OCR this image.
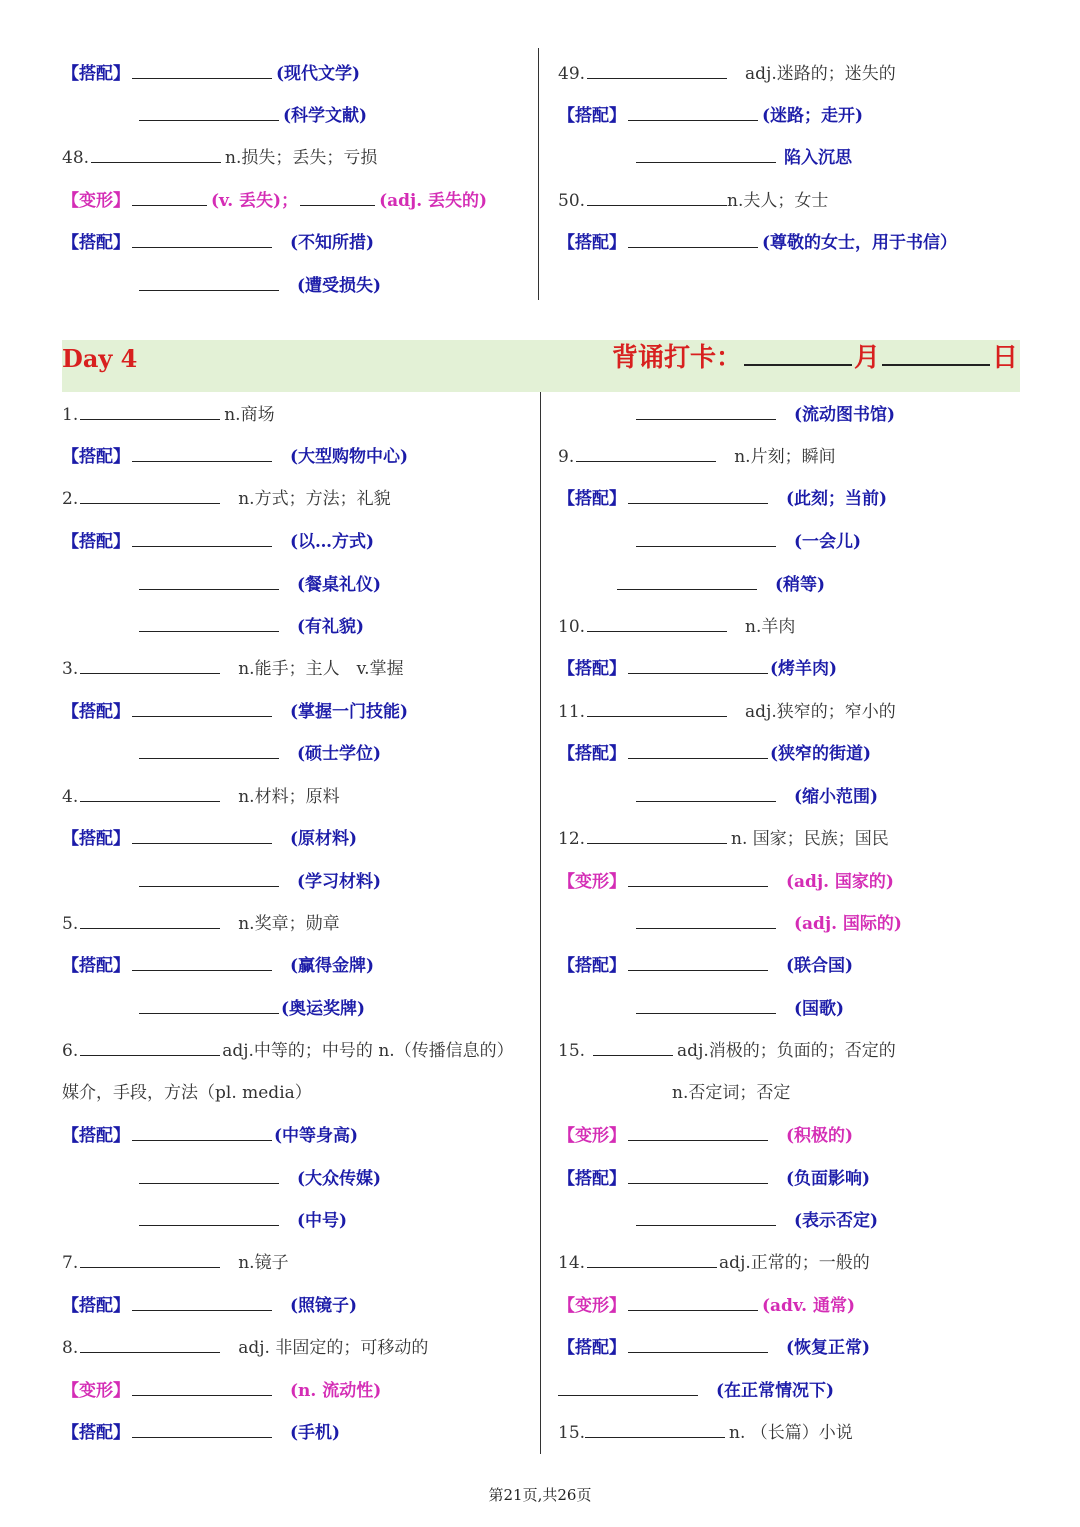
【搭配】	(现代文学)
(科学文献)
48.	n.损失；丢失；亏损
【变形】	(v. 丢失)；	(adj. 丢失的)
【搭配】	(不知所措)
(遭受损失)
49.	adj.迷路的；迷失的
【搭配】	(迷路；走开)
陷入沉思
50.	n.夫人；女士
【搭配】	(尊敬的女士，用于书信）
Day 4	背诵打卡：	月	日
1.	n.商场
【搭配】	(大型购物中心)
2.	n.方式；方法；礼貌
【搭配】	(以…方式)
(餐桌礼仪)
(有礼貌)
3.	n.能手；主人　v.掌握
【搭配】	(掌握一门技能)
(硕士学位)
4.	n.材料；原料
【搭配】	(原材料)
(学习材料)
5.	n.奖章；勋章
【搭配】	(赢得金牌)
(奥运奖牌)
6.	adj.中等的；中号的 n.（传播信息的）
媒介，手段，方法（pl. media）
【搭配】	(中等身高)
(大众传媒)
(中号)
7.	n.镜子
【搭配】	(照镜子)
8.	adj. 非固定的；可移动的
【变形】	(n. 流动性)
【搭配】	(手机)
(流动图书馆)
9.	n.片刻；瞬间
【搭配】	(此刻；当前)
(一会儿)
(稍等)
10.	n.羊肉
【搭配】	(烤羊肉)
11.	adj.狭窄的；窄小的
【搭配】	(狭窄的街道)
(缩小范围)
12.	n. 国家；民族；国民
【变形】	(adj. 国家的)
(adj. 国际的)
【搭配】	(联合国)
(国歌)
15.	adj.消极的；负面的；否定的
n.否定词；否定
【变形】	(积极的)
【搭配】	(负面影响)
(表示否定)
14.	adj.正常的；一般的
【变形】	(adv. 通常)
【搭配】	(恢复正常)
(在正常情况下)
15.	n. （长篇）小说
第21页,共26页
